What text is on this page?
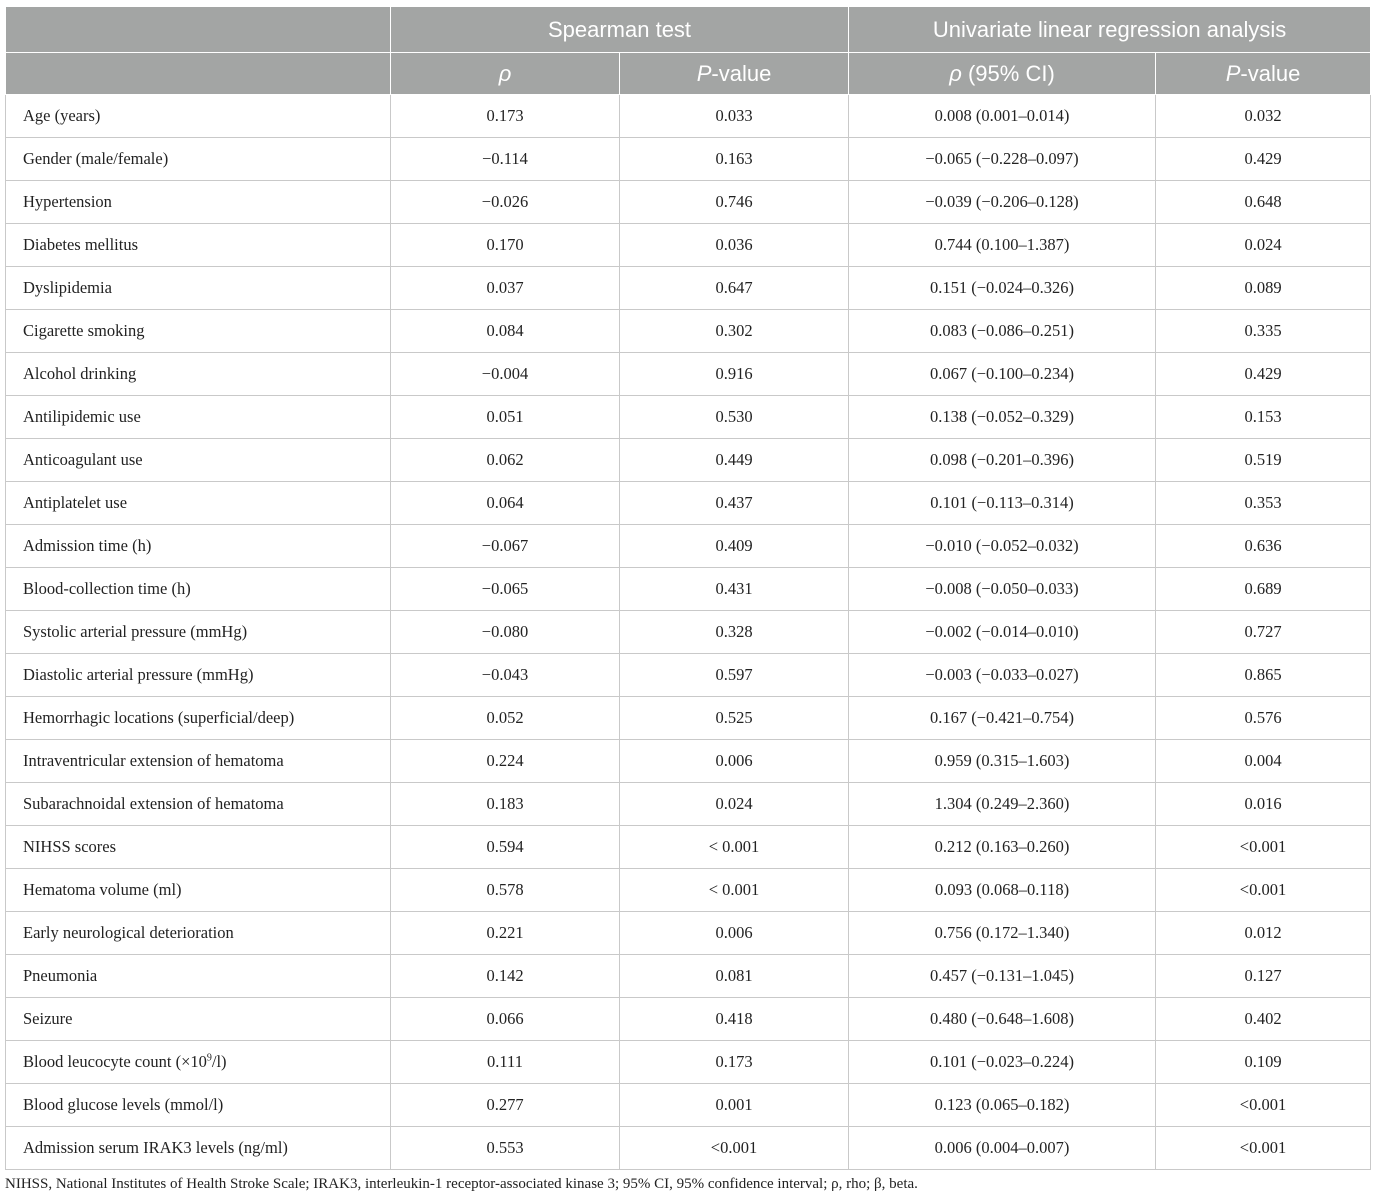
	Spearman test		Univariate linear regression analysis	
	ρ	P-value	ρ (95% CI)	P-value
Age (years)	0.173	0.033	0.008 (0.001–0.014)	0.032
Gender (male/female)	−0.114	0.163	−0.065 (−0.228–0.097)	0.429
Hypertension	−0.026	0.746	−0.039 (−0.206–0.128)	0.648
Diabetes mellitus	0.170	0.036	0.744 (0.100–1.387)	0.024
Dyslipidemia	0.037	0.647	0.151 (−0.024–0.326)	0.089
Cigarette smoking	0.084	0.302	0.083 (−0.086–0.251)	0.335
Alcohol drinking	−0.004	0.916	0.067 (−0.100–0.234)	0.429
Antilipidemic use	0.051	0.530	0.138 (−0.052–0.329)	0.153
Anticoagulant use	0.062	0.449	0.098 (−0.201–0.396)	0.519
Antiplatelet use	0.064	0.437	0.101 (−0.113–0.314)	0.353
Admission time (h)	−0.067	0.409	−0.010 (−0.052–0.032)	0.636
Blood-collection time (h)	−0.065	0.431	−0.008 (−0.050–0.033)	0.689
Systolic arterial pressure (mmHg)	−0.080	0.328	−0.002 (−0.014–0.010)	0.727
Diastolic arterial pressure (mmHg)	−0.043	0.597	−0.003 (−0.033–0.027)	0.865
Hemorrhagic locations (superficial/deep)	0.052	0.525	0.167 (−0.421–0.754)	0.576
Intraventricular extension of hematoma	0.224	0.006	0.959 (0.315–1.603)	0.004
Subarachnoidal extension of hematoma	0.183	0.024	1.304 (0.249–2.360)	0.016
NIHSS scores	0.594	< 0.001	0.212 (0.163–0.260)	<0.001
Hematoma volume (ml)	0.578	< 0.001	0.093 (0.068–0.118)	<0.001
Early neurological deterioration	0.221	0.006	0.756 (0.172–1.340)	0.012
Pneumonia	0.142	0.081	0.457 (−0.131–1.045)	0.127
Seizure	0.066	0.418	0.480 (−0.648–1.608)	0.402
Blood leucocyte count $(\times 10^9/l)$	0.111	0.173	0.101 (−0.023–0.224)	0.109
Blood glucose levels (mmol/l)	0.277	0.001	0.123 (0.065–0.182)	<0.001
Admission serum IRAK3 levels (ng/ml)	0.553	<0.001	0.006 (0.004–0.007)	<0.001
NIHSS, National Institutes of Health Stroke Scale; IRAK3, interleukin-1 receptor-associated kinase 3; 95% CI, 95% confidence interval; ρ, rho; β, beta.
